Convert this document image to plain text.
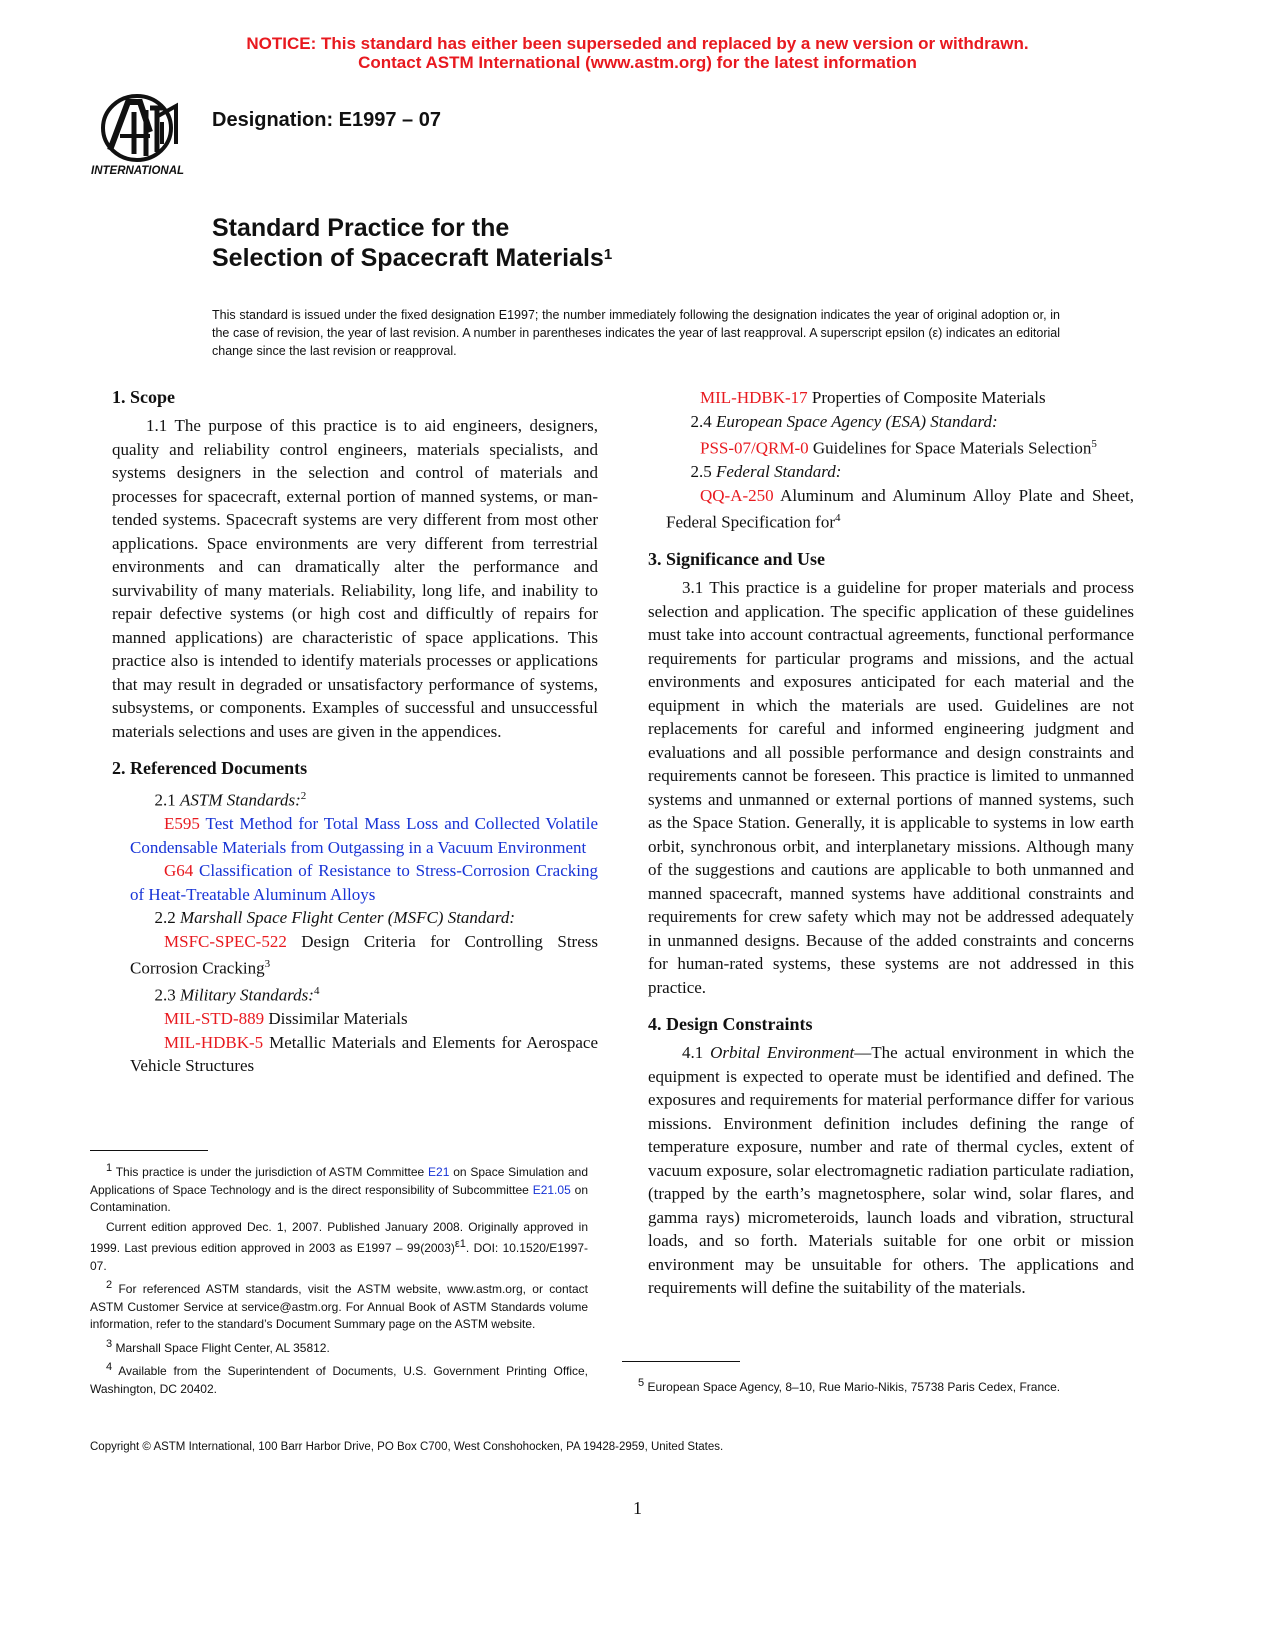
NOTICE: This standard has either been superseded and replaced by a new version or withdrawn.
Contact ASTM International (www.astm.org) for the latest information
INTERNATIONAL
Designation: E1997 – 07
Standard Practice for the
Selection of Spacecraft Materials$^1$
This standard is issued under the fixed designation E1997; the number immediately following the designation indicates the year of original adoption or, in the case of revision, the year of last revision. A number in parentheses indicates the year of last reapproval. A superscript epsilon (ε) indicates an editorial change since the last revision or reapproval.
1. Scope

1.1 The purpose of this practice is to aid engineers, designers, quality and reliability control engineers, materials specialists, and systems designers in the selection and control of materials and processes for spacecraft, external portion of manned systems, or man-tended systems. Spacecraft systems are very different from most other applications. Space environments are very different from terrestrial environments and can dramatically alter the performance and survivability of many materials. Reliability, long life, and inability to repair defective systems (or high cost and difficultly of repairs for manned applications) are characteristic of space applications. This practice also is intended to identify materials processes or applications that may result in degraded or unsatisfactory performance of systems, subsystems, or components. Examples of successful and unsuccessful materials selections and uses are given in the appendices.

2. Referenced Documents

2.1 ASTM Standards:$^2$

E595 Test Method for Total Mass Loss and Collected Volatile Condensable Materials from Outgassing in a Vacuum Environment

G64 Classification of Resistance to Stress-Corrosion Cracking of Heat-Treatable Aluminum Alloys

2.2 Marshall Space Flight Center (MSFC) Standard:

MSFC-SPEC-522 Design Criteria for Controlling Stress Corrosion Cracking$^3$

2.3 Military Standards:$^4$

MIL-STD-889 Dissimilar Materials

MIL-HDBK-5 Metallic Materials and Elements for Aerospace Vehicle Structures

MIL-HDBK-17 Properties of Composite Materials

2.4 European Space Agency (ESA) Standard:

PSS-07/QRM-0 Guidelines for Space Materials Selection$^5$

2.5 Federal Standard:

QQ-A-250 Aluminum and Aluminum Alloy Plate and Sheet, Federal Specification for$^4$

3. Significance and Use

3.1 This practice is a guideline for proper materials and process selection and application. The specific application of these guidelines must take into account contractual agreements, functional performance requirements for particular programs and missions, and the actual environments and exposures anticipated for each material and the equipment in which the materials are used. Guidelines are not replacements for careful and informed engineering judgment and evaluations and all possible performance and design constraints and requirements cannot be foreseen. This practice is limited to unmanned systems and unmanned or external portions of manned systems, such as the Space Station. Generally, it is applicable to systems in low earth orbit, synchronous orbit, and interplanetary missions. Although many of the suggestions and cautions are applicable to both unmanned and manned spacecraft, manned systems have additional constraints and requirements for crew safety which may not be addressed adequately in unmanned designs. Because of the added constraints and concerns for human-rated systems, these systems are not addressed in this practice.

4. Design Constraints

4.1 Orbital Environment—The actual environment in which the equipment is expected to operate must be identified and defined. The exposures and requirements for material performance differ for various missions. Environment definition includes defining the range of temperature exposure, number and rate of thermal cycles, extent of vacuum exposure, solar electromagnetic radiation particulate radiation, (trapped by the earth’s magnetosphere, solar wind, solar flares, and gamma rays) micrometeroids, launch loads and vibration, structural loads, and so forth. Materials suitable for one orbit or mission environment may be unsuitable for others. The applications and requirements will define the suitability of the materials.

$^1$ This practice is under the jurisdiction of ASTM Committee E21 on Space Simulation and Applications of Space Technology and is the direct responsibility of Subcommittee E21.05 on Contamination.

Current edition approved Dec. 1, 2007. Published January 2008. Originally approved in 1999. Last previous edition approved in 2003 as $E1997 - 99(2003)^{\varepsilon 1}$. DOI: 10.1520/E1997-07.

$^2$ For referenced ASTM standards, visit the ASTM website, www.astm.org, or contact ASTM Customer Service at service@astm.org. For Annual Book of ASTM Standards volume information, refer to the standard’s Document Summary page on the ASTM website.

$^3$ Marshall Space Flight Center, AL 35812.

$^4$ Available from the Superintendent of Documents, U.S. Government Printing Office, Washington, DC 20402.	$^5$ European Space Agency, 8–10, Rue Mario-Nikis, 75738 Paris Cedex, France.

Copyright © ASTM International, 100 Barr Harbor Drive, PO Box C700, West Conshohocken, PA 19428-2959, United States.
1
